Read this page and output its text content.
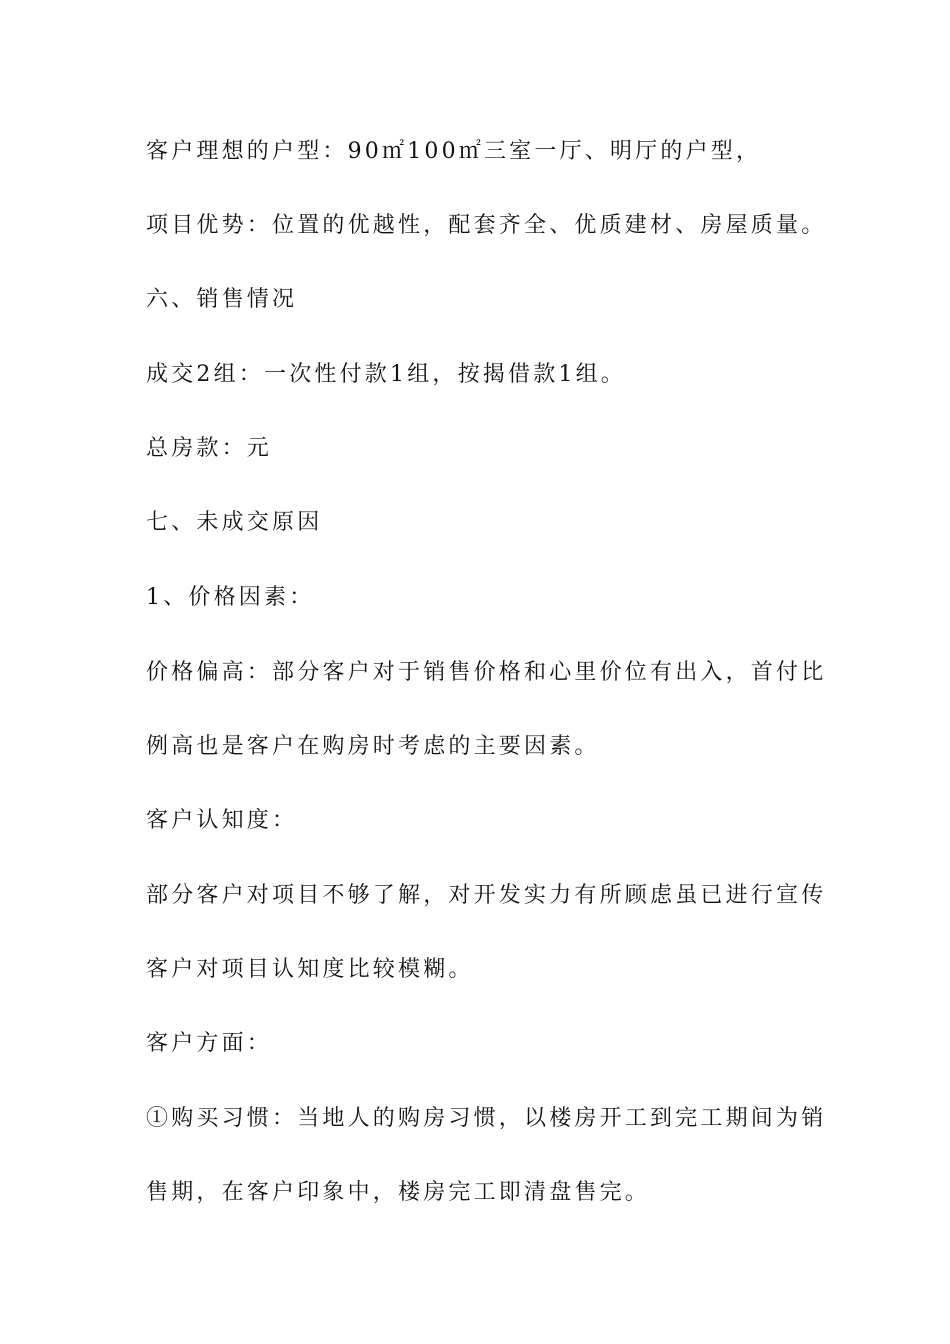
客户理想的户型：90㎡100㎡三室一厅、明厅的户型，
项目优势：位置的优越性，配套齐全、优质建材、房屋质量。
六、销售情况
成交2组：一次性付款1组，按揭借款1组。
总房款：元
七、未成交原因
1、价格因素：
价格偏高：部分客户对于销售价格和心里价位有出入，首付比
例高也是客户在购房时考虑的主要因素。
客户认知度：
部分客户对项目不够了解，对开发实力有所顾虑虽已进行宣传
客户对项目认知度比较模糊。
客户方面：
①购买习惯：当地人的购房习惯，以楼房开工到完工期间为销
售期，在客户印象中，楼房完工即清盘售完。
